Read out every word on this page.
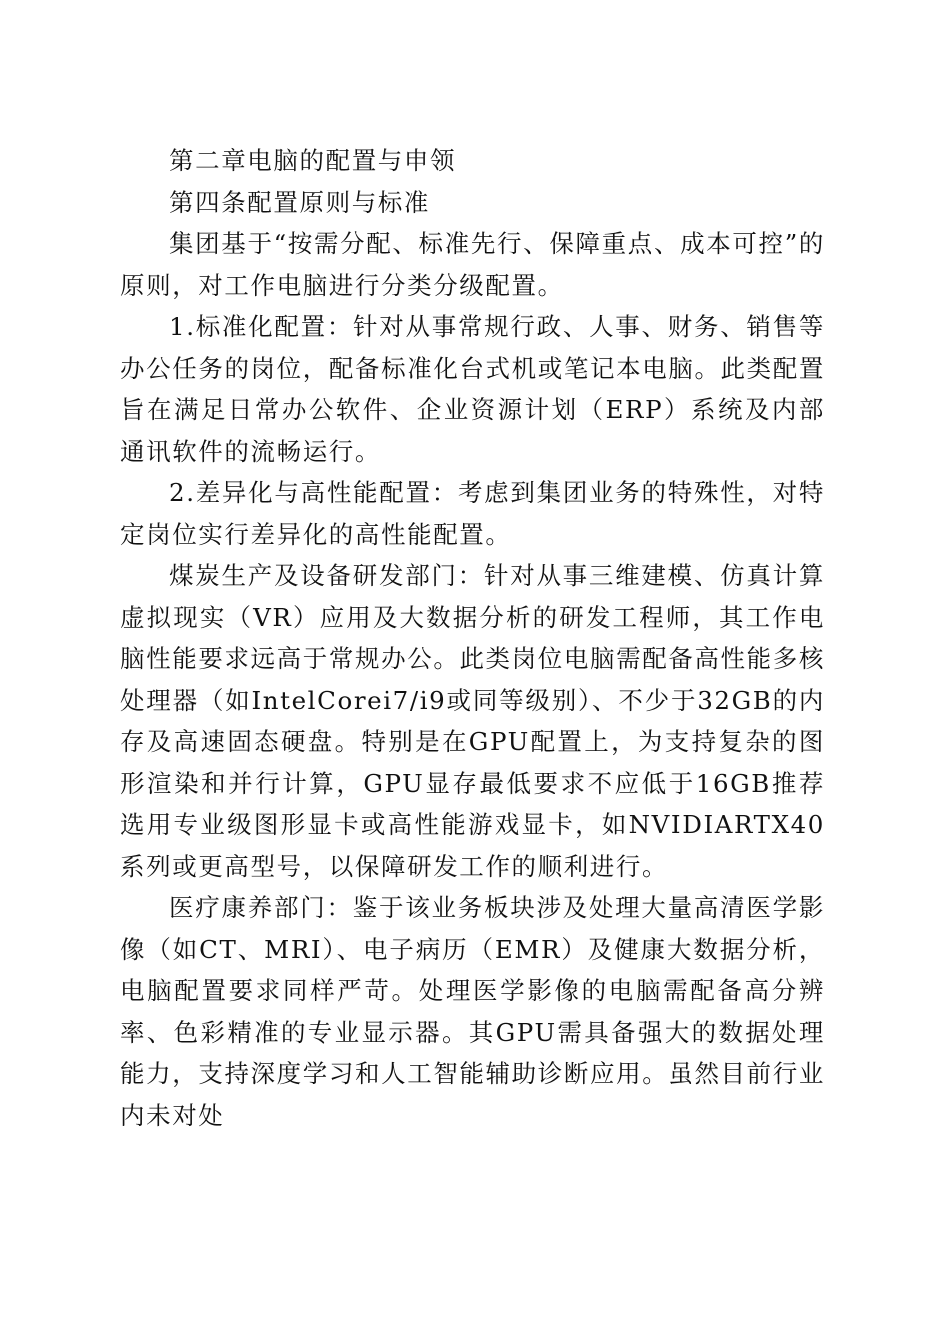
第二章电脑的配置与申领

第四条配置原则与标准

集团基于“按需分配、标准先行、保障重点、成本可控”的原则，对工作电脑进行分类分级配置。

1.标准化配置：针对从事常规行政、人事、财务、销售等办公任务的岗位，配备标准化台式机或笔记本电脑。此类配置旨在满足日常办公软件、企业资源计划（ERP）系统及内部通讯软件的流畅运行。

2.差异化与高性能配置：考虑到集团业务的特殊性，对特定岗位实行差异化的高性能配置。

煤炭生产及设备研发部门：针对从事三维建模、仿真计算虚拟现实（VR）应用及大数据分析的研发工程师，其工作电脑性能要求远高于常规办公。此类岗位电脑需配备高性能多核处理器（如IntelCorei7/i9或同等级别）、不少于32GB的内存及高速固态硬盘。特别是在GPU配置上，为支持复杂的图形渲染和并行计算，GPU显存最低要求不应低于16GB推荐选用专业级图形显卡或高性能游戏显卡，如NVIDIARTX40系列或更高型号，以保障研发工作的顺利进行。

医疗康养部门：鉴于该业务板块涉及处理大量高清医学影像（如CT、MRI）、电子病历（EMR）及健康大数据分析，电脑配置要求同样严苛。处理医学影像的电脑需配备高分辨率、色彩精准的专业显示器。其GPU需具备强大的数据处理能力，支持深度学习和人工智能辅助诊断应用。虽然目前行业内未对处
